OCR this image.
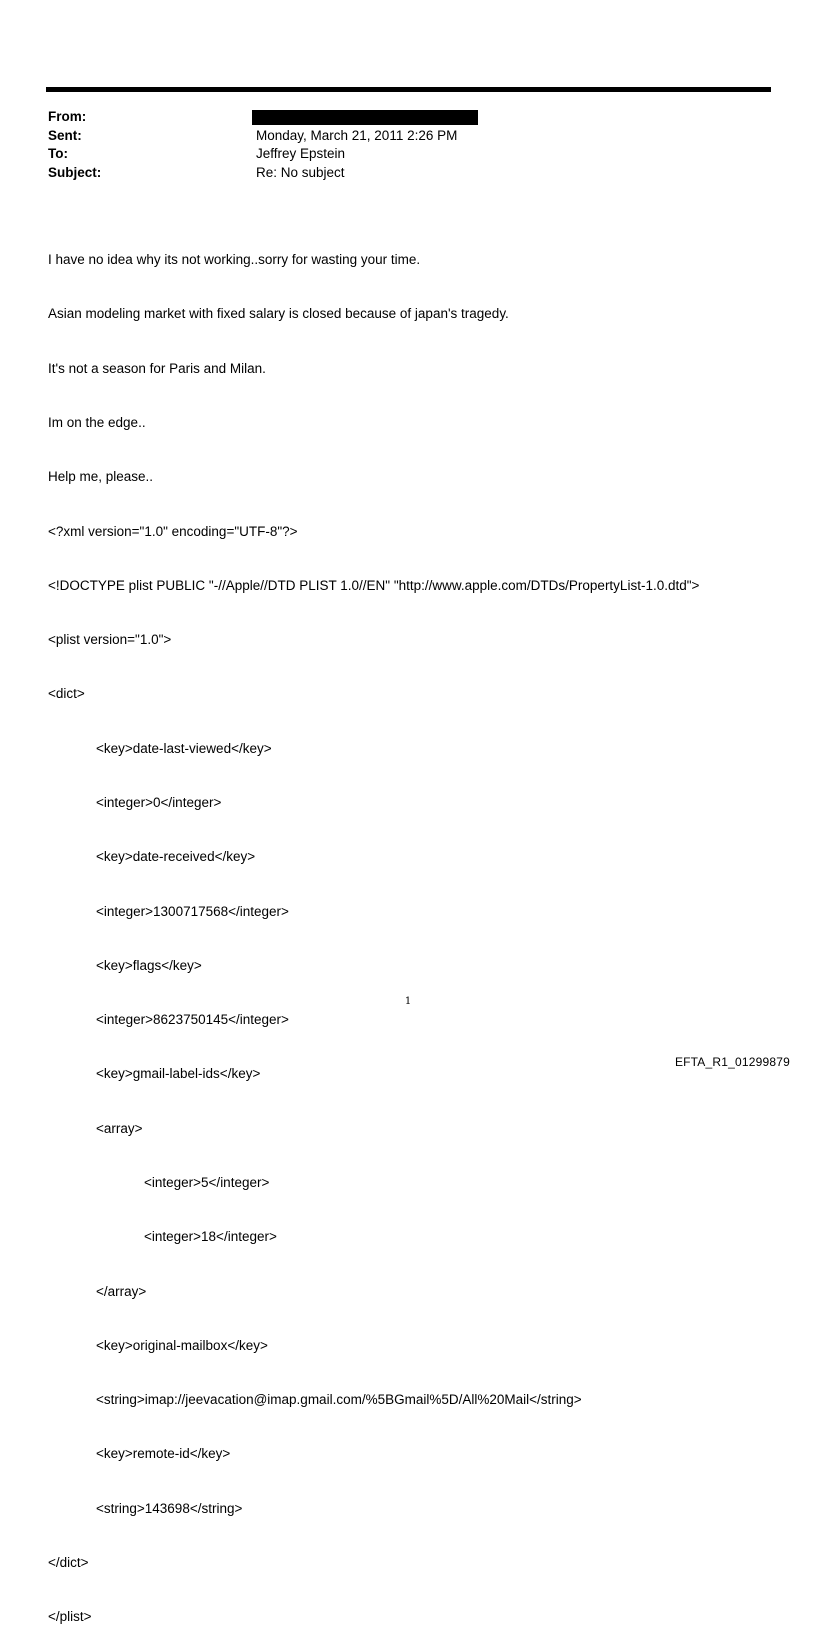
From:
Sent:	Monday, March 21, 2011 2:26 PM
To:	Jeffrey Epstein
Subject:	Re: No subject

I have no idea why its not working..sorry for wasting your time.

Asian modeling market with fixed salary is closed because of japan's tragedy.

It's not a season for Paris and Milan.

Im on the edge..

Help me, please..

<?xml version="1.0" encoding="UTF-8"?>

<!DOCTYPE plist PUBLIC "-//Apple//DTD PLIST 1.0//EN" "http://www.apple.com/DTDs/PropertyList-1.0.dtd">

<plist version="1.0">

<dict>

<key>date-last-viewed</key>

<integer>0</integer>

<key>date-received</key>

<integer>1300717568</integer>

<key>flags</key>

<integer>8623750145</integer>

<key>gmail-label-ids</key>

<array>

<integer>5</integer>

<integer>18</integer>

</array>

<key>original-mailbox</key>

<string>imap://jeevacation@imap.gmail.com/%5BGmail%5D/All%20Mail</string>

<key>remote-id</key>

<string>143698</string>

</dict>

</plist>

1
EFTA_R1_01299879
